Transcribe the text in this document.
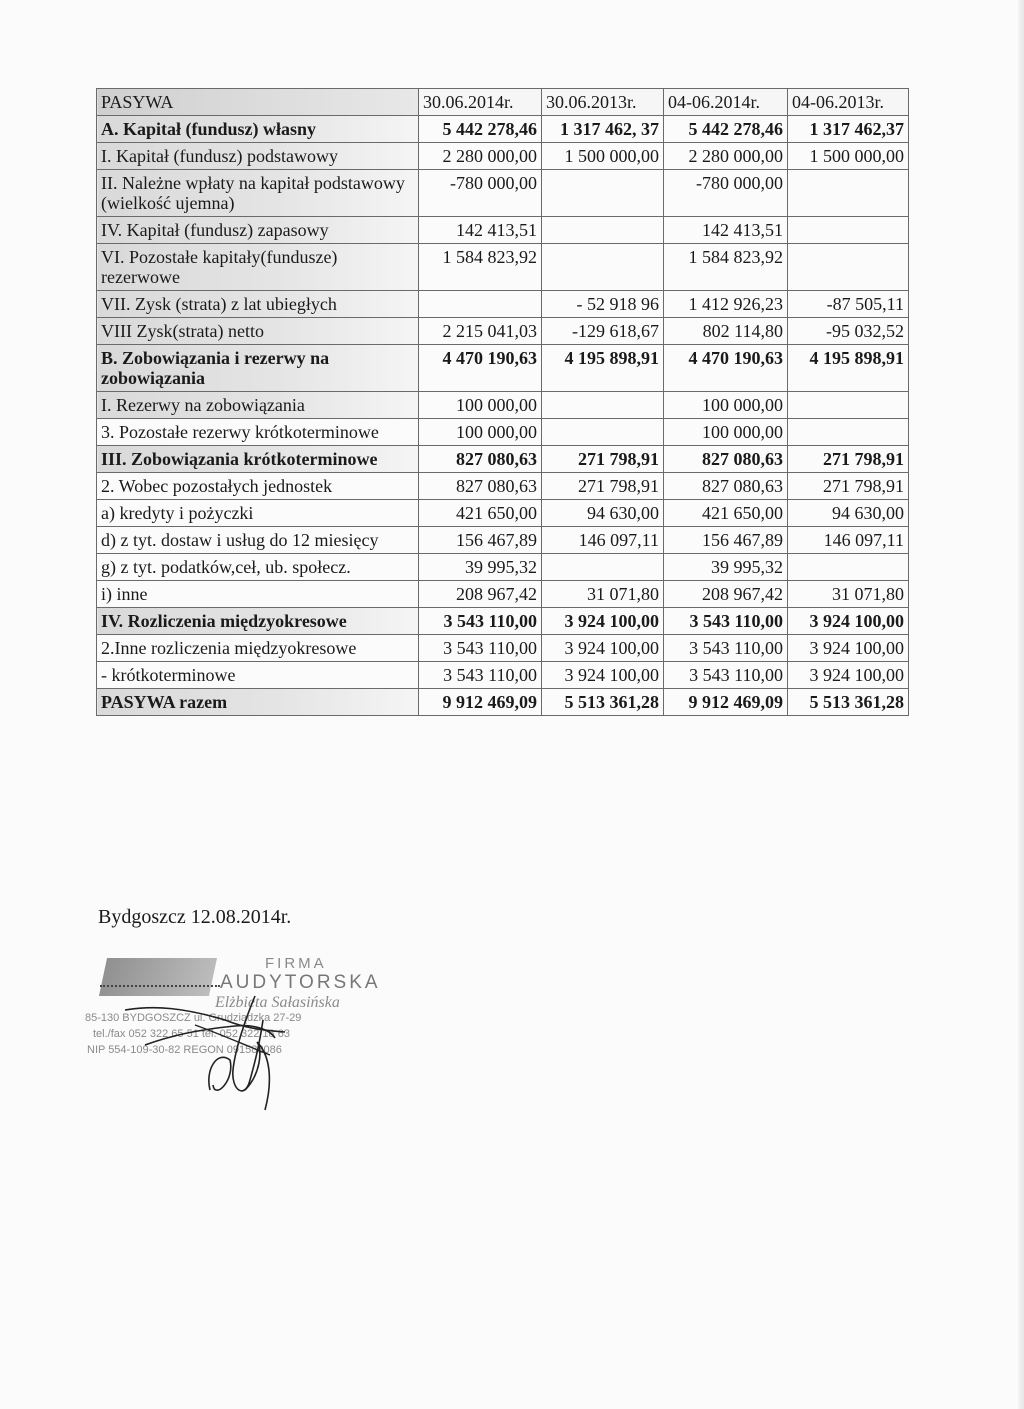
PASYWA	30.06.2014r.	30.06.2013r.	04-06.2014r.	04-06.2013r.
A. Kapitał (fundusz) własny	5 442 278,46	1 317 462, 37	5 442 278,46	1 317 462,37
I. Kapitał (fundusz) podstawowy	2 280 000,00	1 500 000,00	2 280 000,00	1 500 000,00
II. Należne wpłaty na kapitał podstawowy (wielkość ujemna)	-780 000,00		-780 000,00	
IV. Kapitał (fundusz) zapasowy	142 413,51		142 413,51	
VI. Pozostałe kapitały(fundusze) rezerwowe	1 584 823,92		1 584 823,92	
VII. Zysk (strata) z lat ubiegłych		- 52 918 96	1 412 926,23	-87 505,11
VIII Zysk(strata) netto	2 215 041,03	-129 618,67	802 114,80	-95 032,52
B. Zobowiązania i rezerwy na zobowiązania	4 470 190,63	4 195 898,91	4 470 190,63	4 195 898,91
I. Rezerwy na zobowiązania	100 000,00		100 000,00	
3. Pozostałe rezerwy krótkoterminowe	100 000,00		100 000,00	
III. Zobowiązania krótkoterminowe	827 080,63	271 798,91	827 080,63	271 798,91
2. Wobec pozostałych jednostek	827 080,63	271 798,91	827 080,63	271 798,91
a) kredyty i pożyczki	421 650,00	94 630,00	421 650,00	94 630,00
d) z tyt. dostaw i usług do 12 miesięcy	156 467,89	146 097,11	156 467,89	146 097,11
g) z tyt. podatków,ceł, ub. społecz.	39 995,32		39 995,32	
i) inne	208 967,42	31 071,80	208 967,42	31 071,80
IV. Rozliczenia międzyokresowe	3 543 110,00	3 924 100,00	3 543 110,00	3 924 100,00
2.Inne rozliczenia międzyokresowe	3 543 110,00	3 924 100,00	3 543 110,00	3 924 100,00
- krótkoterminowe	3 543 110,00	3 924 100,00	3 543 110,00	3 924 100,00
PASYWA razem	9 912 469,09	5 513 361,28	9 912 469,09	5 513 361,28
Bydgoszcz 12.08.2014r.
FIRMA
AUDYTORSKA
Elżbieta Sałasińska
85-130 BYDGOSZCZ ul. Grudziądzka 27-29
tel./fax 052 322 65 51 tel. 052 322 18 63
NIP 554-109-30-82 REGON 091588086
